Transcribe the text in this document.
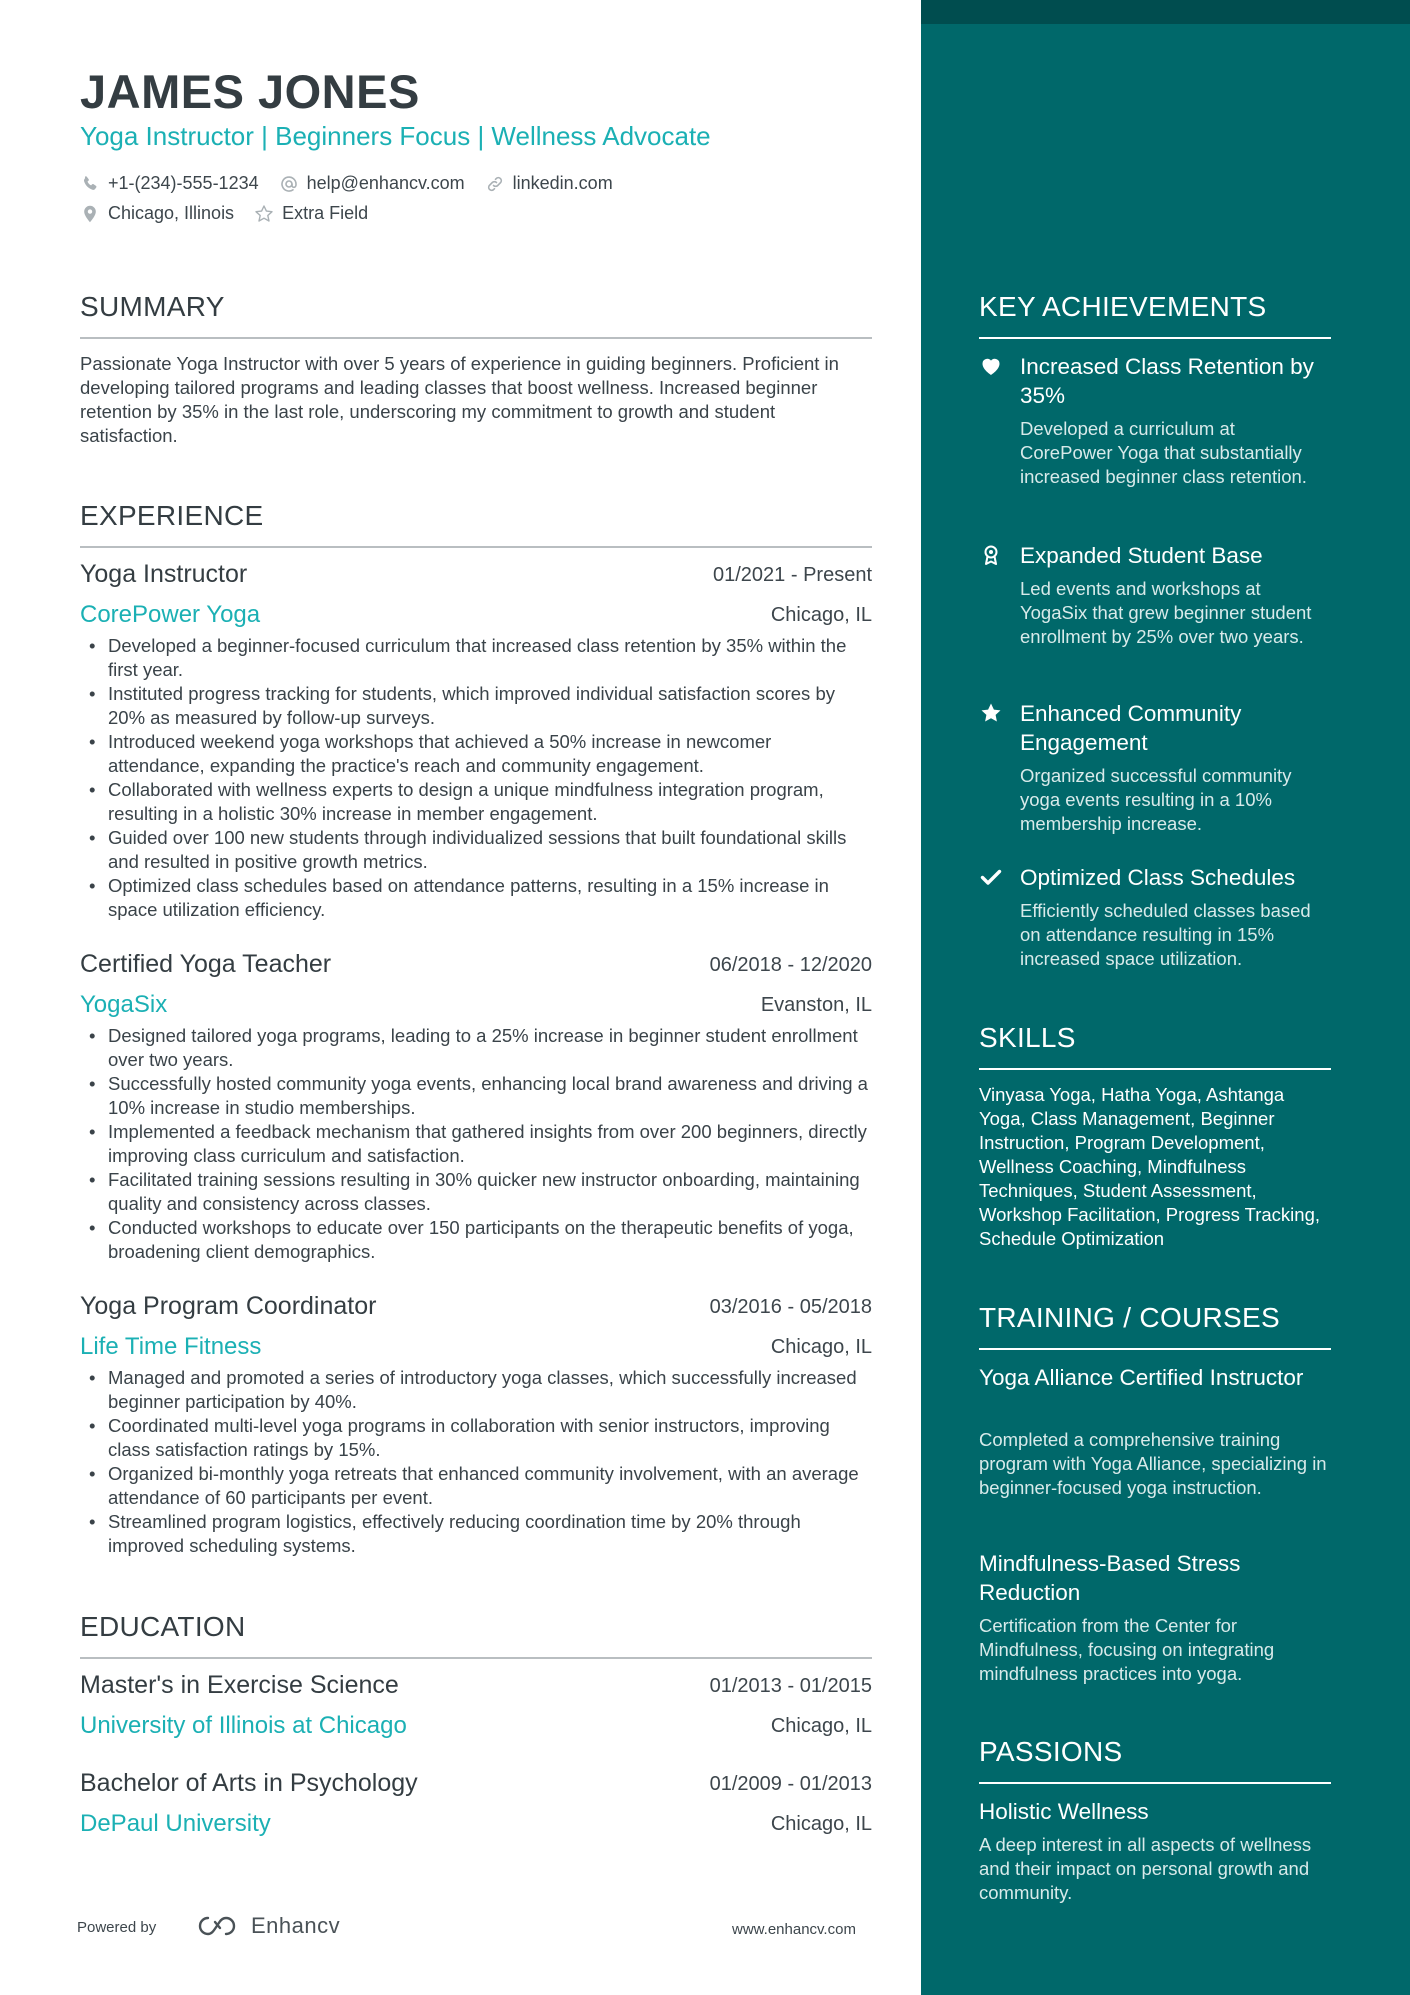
JAMES JONES
Yoga Instructor | Beginners Focus | Wellness Advocate
+1-(234)-555-1234	help@enhancv.com	linkedin.com
Chicago, Illinois	Extra Field
SUMMARY
Passionate Yoga Instructor with over 5 years of experience in guiding beginners. Proficient in developing tailored programs and leading classes that boost wellness. Increased beginner retention by 35% in the last role, underscoring my commitment to growth and student satisfaction.
EXPERIENCE
Yoga Instructor	01/2021 - Present
CorePower Yoga	Chicago, IL
• Developed a beginner-focused curriculum that increased class retention by 35% within the first year.
• Instituted progress tracking for students, which improved individual satisfaction scores by 20% as measured by follow-up surveys.
• Introduced weekend yoga workshops that achieved a 50% increase in newcomer attendance, expanding the practice's reach and community engagement.
• Collaborated with wellness experts to design a unique mindfulness integration program, resulting in a holistic 30% increase in member engagement.
• Guided over 100 new students through individualized sessions that built foundational skills and resulted in positive growth metrics.
• Optimized class schedules based on attendance patterns, resulting in a 15% increase in space utilization efficiency.
Certified Yoga Teacher	06/2018 - 12/2020
YogaSix	Evanston, IL
• Designed tailored yoga programs, leading to a 25% increase in beginner student enrollment over two years.
• Successfully hosted community yoga events, enhancing local brand awareness and driving a 10% increase in studio memberships.
• Implemented a feedback mechanism that gathered insights from over 200 beginners, directly improving class curriculum and satisfaction.
• Facilitated training sessions resulting in 30% quicker new instructor onboarding, maintaining quality and consistency across classes.
• Conducted workshops to educate over 150 participants on the therapeutic benefits of yoga, broadening client demographics.
Yoga Program Coordinator	03/2016 - 05/2018
Life Time Fitness	Chicago, IL
• Managed and promoted a series of introductory yoga classes, which successfully increased beginner participation by 40%.
• Coordinated multi-level yoga programs in collaboration with senior instructors, improving class satisfaction ratings by 15%.
• Organized bi-monthly yoga retreats that enhanced community involvement, with an average attendance of 60 participants per event.
• Streamlined program logistics, effectively reducing coordination time by 20% through improved scheduling systems.
EDUCATION
Master's in Exercise Science	01/2013 - 01/2015
University of Illinois at Chicago	Chicago, IL
Bachelor of Arts in Psychology	01/2009 - 01/2013
DePaul University	Chicago, IL
Powered by	Enhancv	www.enhancv.com
KEY ACHIEVEMENTS
Increased Class Retention by 35%
Developed a curriculum at CorePower Yoga that substantially increased beginner class retention.
Expanded Student Base
Led events and workshops at YogaSix that grew beginner student enrollment by 25% over two years.
Enhanced Community Engagement
Organized successful community yoga events resulting in a 10% membership increase.
Optimized Class Schedules
Efficiently scheduled classes based on attendance resulting in 15% increased space utilization.
SKILLS
Vinyasa Yoga, Hatha Yoga, Ashtanga Yoga, Class Management, Beginner Instruction, Program Development, Wellness Coaching, Mindfulness Techniques, Student Assessment, Workshop Facilitation, Progress Tracking, Schedule Optimization
TRAINING / COURSES
Yoga Alliance Certified Instructor
Completed a comprehensive training program with Yoga Alliance, specializing in beginner-focused yoga instruction.
Mindfulness-Based Stress Reduction
Certification from the Center for Mindfulness, focusing on integrating mindfulness practices into yoga.
PASSIONS
Holistic Wellness
A deep interest in all aspects of wellness and their impact on personal growth and community.
